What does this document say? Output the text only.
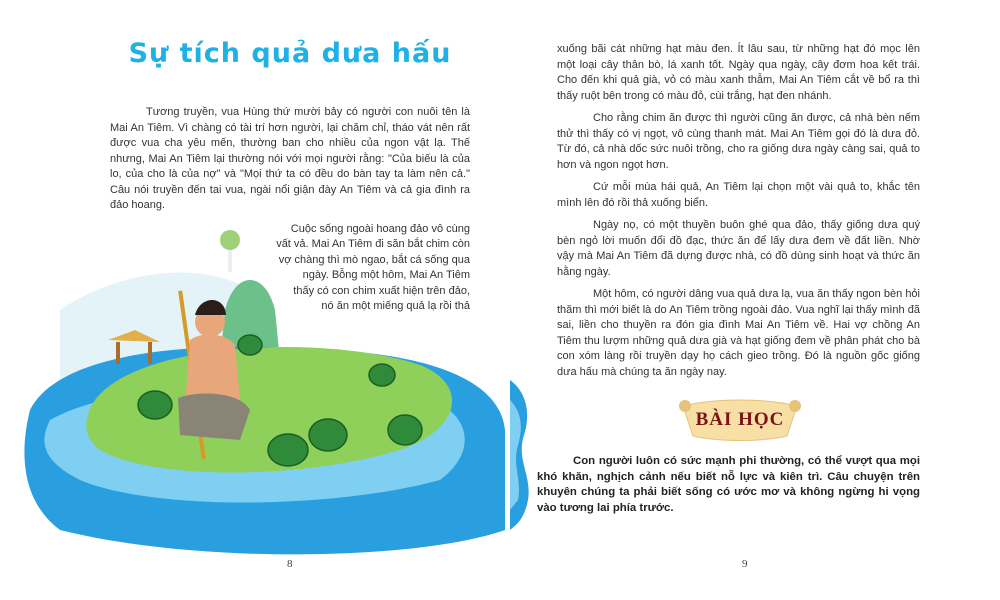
Sự tích quả dưa hấu

Tương truyền, vua Hùng thứ mười bảy có người con nuôi tên là Mai An Tiêm. Vì chàng có tài trí hơn người, lại chăm chỉ, tháo vát nên rất được vua cha yêu mến, thường ban cho nhiều của ngon vật lạ. Thế nhưng, Mai An Tiêm lại thường nói với mọi người rằng: "Của biếu là của lo, của cho là của nợ" và "Mọi thứ ta có đều do bàn tay ta làm nên cả." Câu nói truyền đến tai vua, ngài nổi giận đày An Tiêm và cả gia đình ra đảo hoang.

Cuộc sống ngoài hoang đảo vô cùng
vất vả. Mai An Tiêm đi săn bắt chim còn
vợ chàng thì mò ngao, bắt cá sống qua
ngày. Bỗng một hôm, Mai An Tiêm
thấy có con chim xuất hiện trên đảo,
nó ăn một miếng quả lạ rồi thả
8

xuống bãi cát những hạt màu đen. Ít lâu sau, từ những hạt đó mọc lên một loại cây thân bò, lá xanh tốt. Ngày qua ngày, cây đơm hoa kết trái. Cho đến khi quả già, vỏ có màu xanh thẫm, Mai An Tiêm cắt về bổ ra thì thấy ruột bên trong có màu đỏ, cùi trắng, hạt đen nhánh.

Cho rằng chim ăn được thì người cũng ăn được, cả nhà bèn nếm thử thì thấy có vị ngọt, vô cùng thanh mát. Mai An Tiêm gọi đó là dưa đỏ. Từ đó, cả nhà dốc sức nuôi trồng, cho ra giống dưa ngày càng sai, quả to hơn và ngon ngọt hơn.

Cứ mỗi mùa hái quả, An Tiêm lại chọn một vài quả to, khắc tên mình lên đó rồi thả xuống biển.

Ngày nọ, có một thuyền buôn ghé qua đảo, thấy giống dưa quý bèn ngỏ lời muốn đổi đồ đạc, thức ăn để lấy dưa đem về đất liền. Nhờ vậy mà Mai An Tiêm đã dựng được nhà, có đồ dùng sinh hoạt và thức ăn hằng ngày.

Một hôm, có người dâng vua quả dưa lạ, vua ăn thấy ngon bèn hỏi thăm thì mới biết là do An Tiêm trồng ngoài đảo. Vua nghĩ lại thấy mình đã sai, liền cho thuyền ra đón gia đình Mai An Tiêm về. Hai vợ chồng An Tiêm thu lượm những quả dưa già và hạt giống đem về phân phát cho bà con xóm làng rồi truyền dạy họ cách gieo trồng. Đó là nguồn gốc giống dưa hấu mà chúng ta ăn ngày nay.

BÀI HỌC

Con người luôn có sức mạnh phi thường, có thể vượt qua mọi khó khăn, nghịch cảnh nếu biết nỗ lực và kiên trì. Câu chuyện trên khuyên chúng ta phải biết sống có ước mơ và không ngừng hi vọng vào tương lai phía trước.

9
